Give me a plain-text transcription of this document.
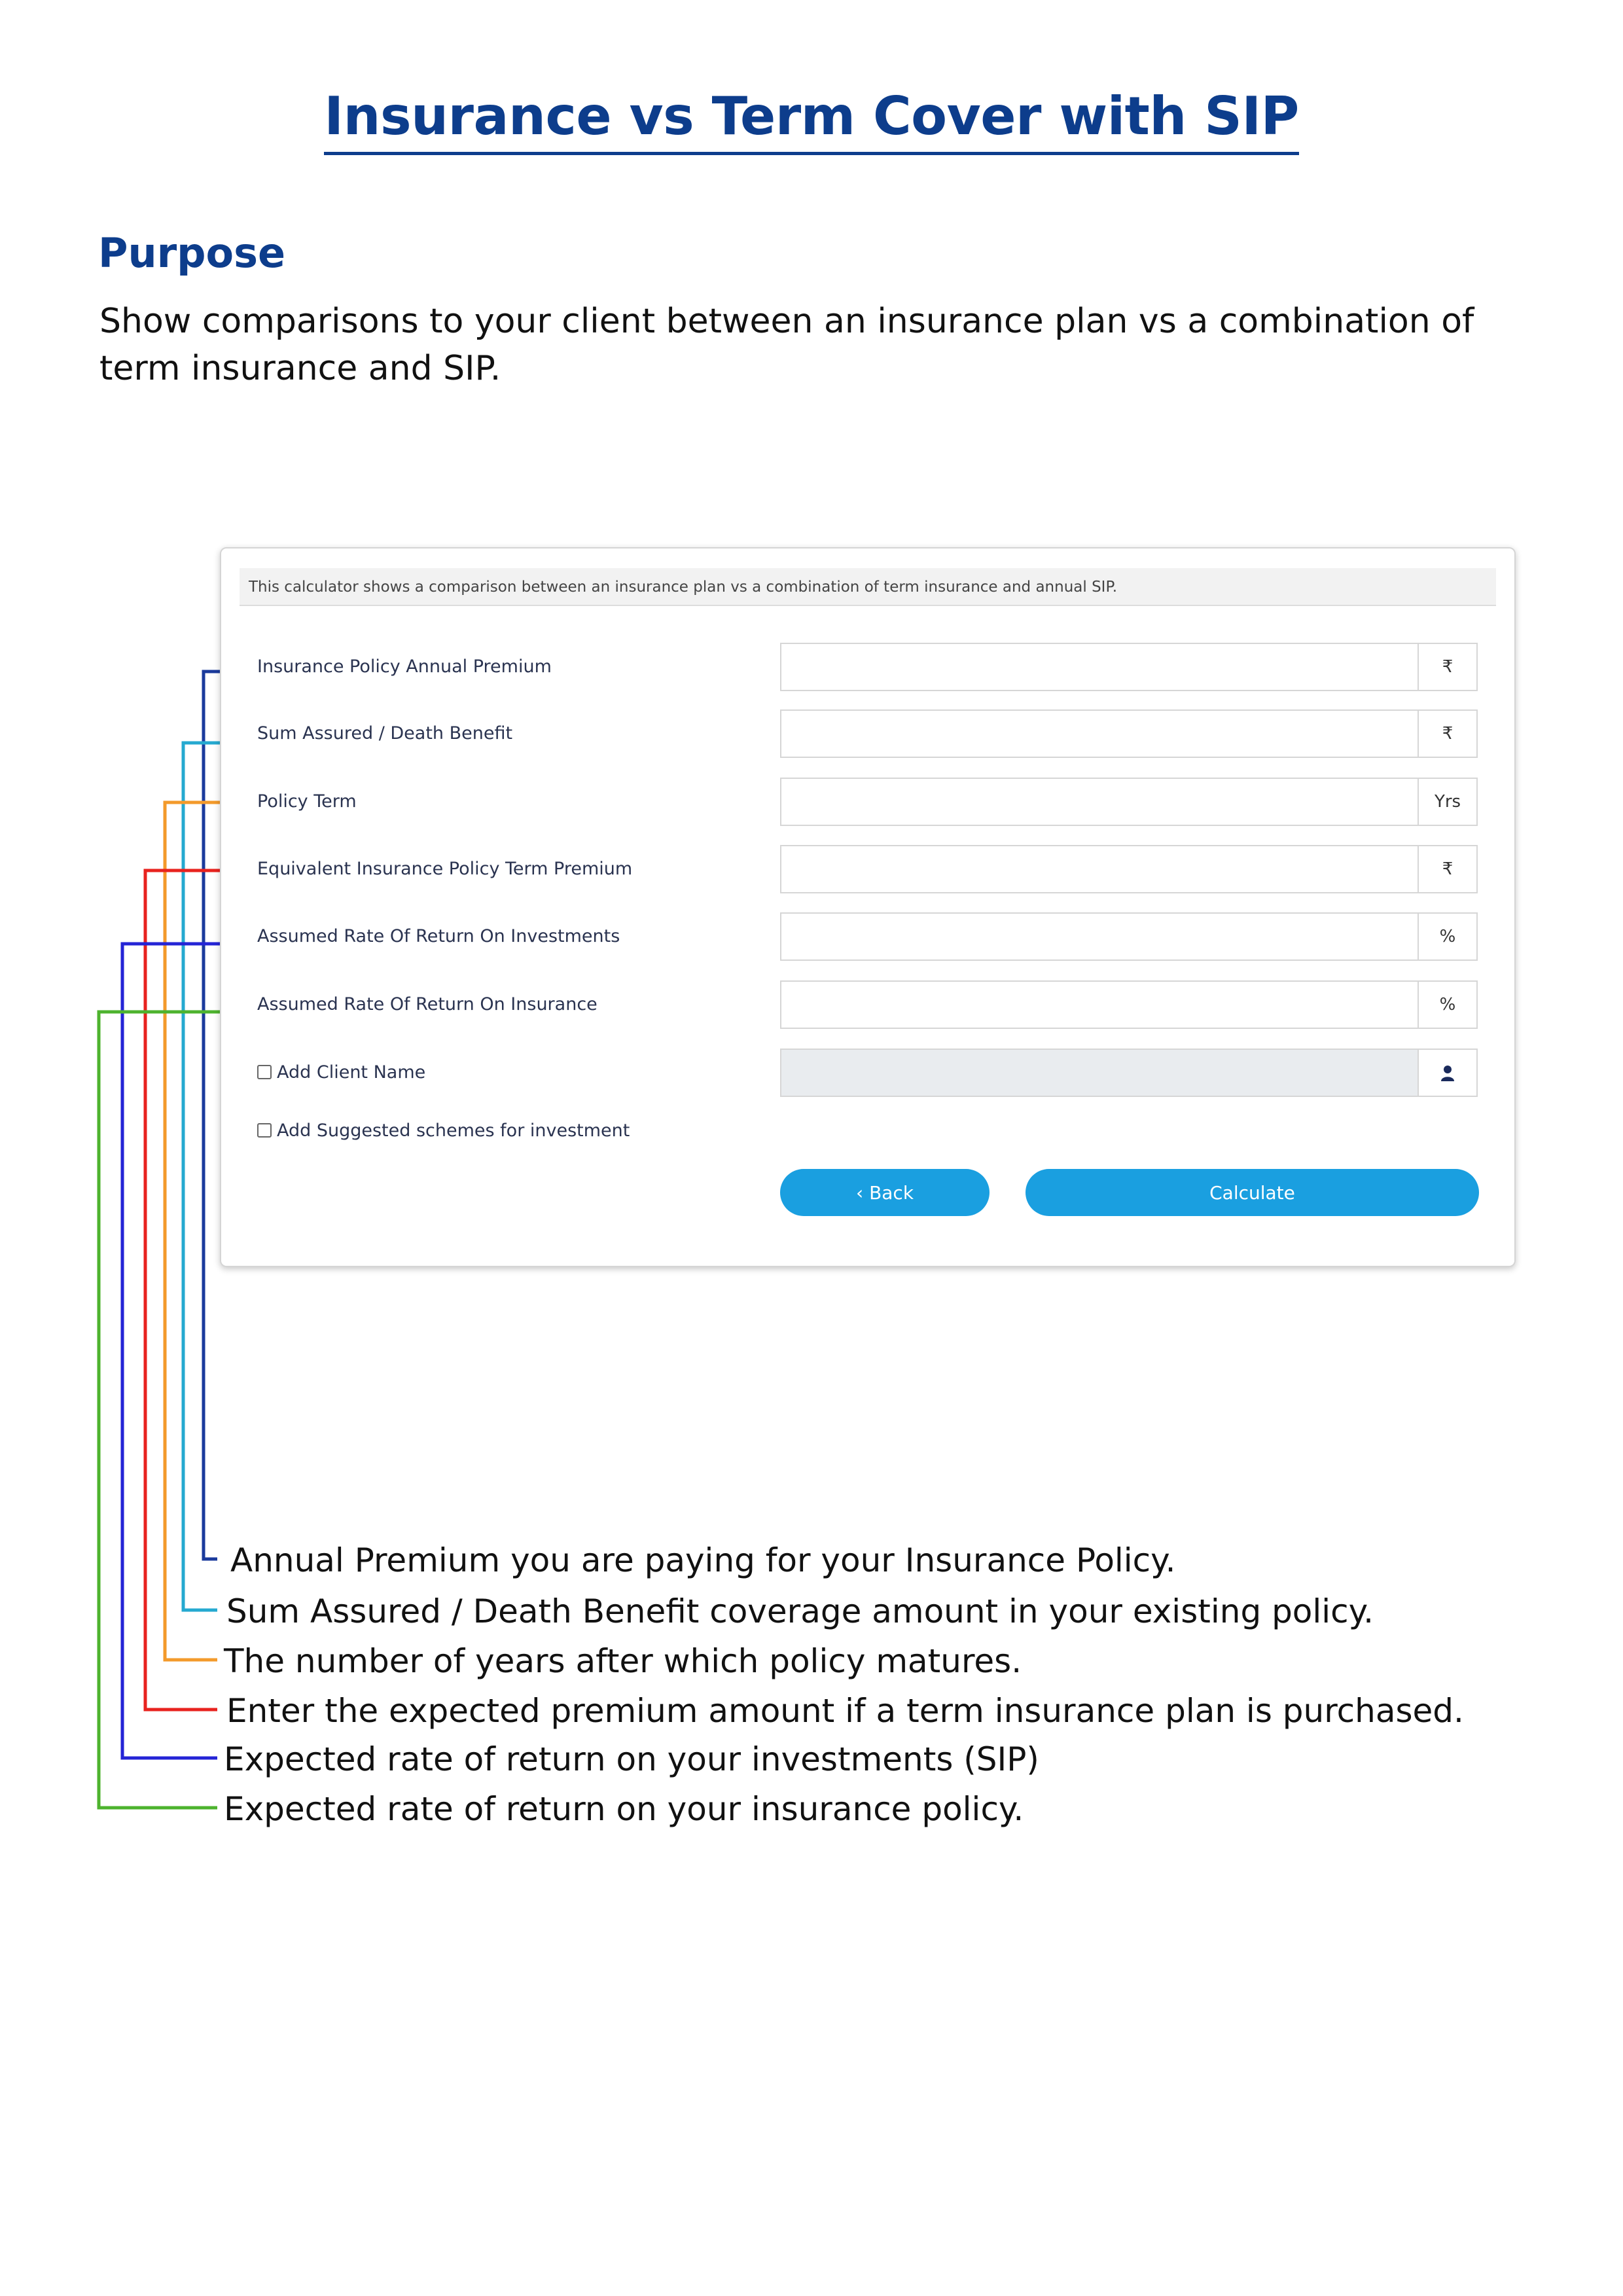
Insurance vs Term Cover with SIP
Purpose
Show comparisons to your client between an insurance plan vs a combination of term insurance and SIP.
This calculator shows a comparison between an insurance plan vs a combination of term insurance and annual SIP.
Insurance Policy Annual Premium	₹
Sum Assured / Death Benefit	₹
Policy Term	Yrs
Equivalent Insurance Policy Term Premium	₹
Assumed Rate Of Return On Investments	%
Assumed Rate Of Return On Insurance	%
Add Client Name
Add Suggested schemes for investment
‹ Back	Calculate
Annual Premium you are paying for your Insurance Policy.
Sum Assured / Death Benefit coverage amount in your existing policy.
The number of years after which policy matures.
Enter the expected premium amount if a term insurance plan is purchased.
Expected rate of return on your investments (SIP)
Expected rate of return on your insurance policy.
